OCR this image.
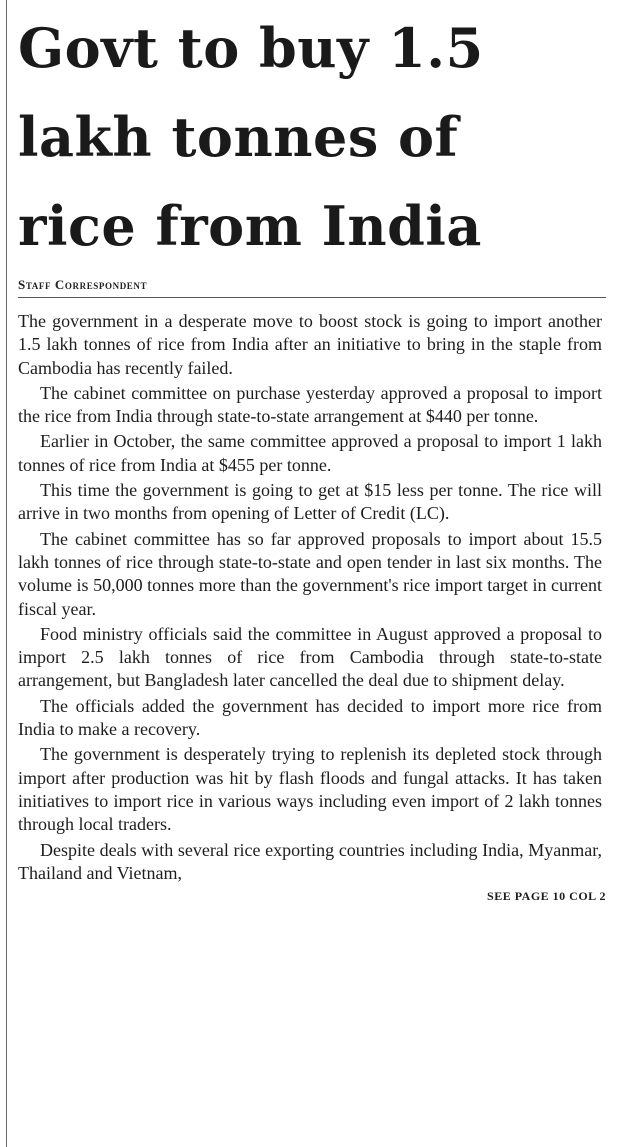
Govt to buy 1.5
lakh tonnes of
rice from India
Staff Correspondent

The government in a desperate move to boost stock is going to import another 1.5 lakh tonnes of rice from India after an initiative to bring in the staple from Cambodia has recently failed.

The cabinet committee on purchase yesterday approved a proposal to import the rice from India through state-to-state arrangement at $440 per tonne.

Earlier in October, the same committee approved a proposal to import 1 lakh tonnes of rice from India at $455 per tonne.

This time the government is going to get at $15 less per tonne. The rice will arrive in two months from opening of Letter of Credit (LC).

The cabinet committee has so far approved proposals to import about 15.5 lakh tonnes of rice through state-to-state and open tender in last six months. The volume is 50,000 tonnes more than the government's rice import target in current fiscal year.

Food ministry officials said the committee in August approved a proposal to import 2.5 lakh tonnes of rice from Cambodia through state-to-state arrangement, but Bangladesh later cancelled the deal due to shipment delay.

The officials added the government has decided to import more rice from India to make a recovery.

The government is desperately trying to replenish its depleted stock through import after production was hit by flash floods and fungal attacks. It has taken initiatives to import rice in various ways including even import of 2 lakh tonnes through local traders.

Despite deals with several rice exporting countries including India, Myanmar, Thailand and Vietnam,

SEE PAGE 10 COL 2
